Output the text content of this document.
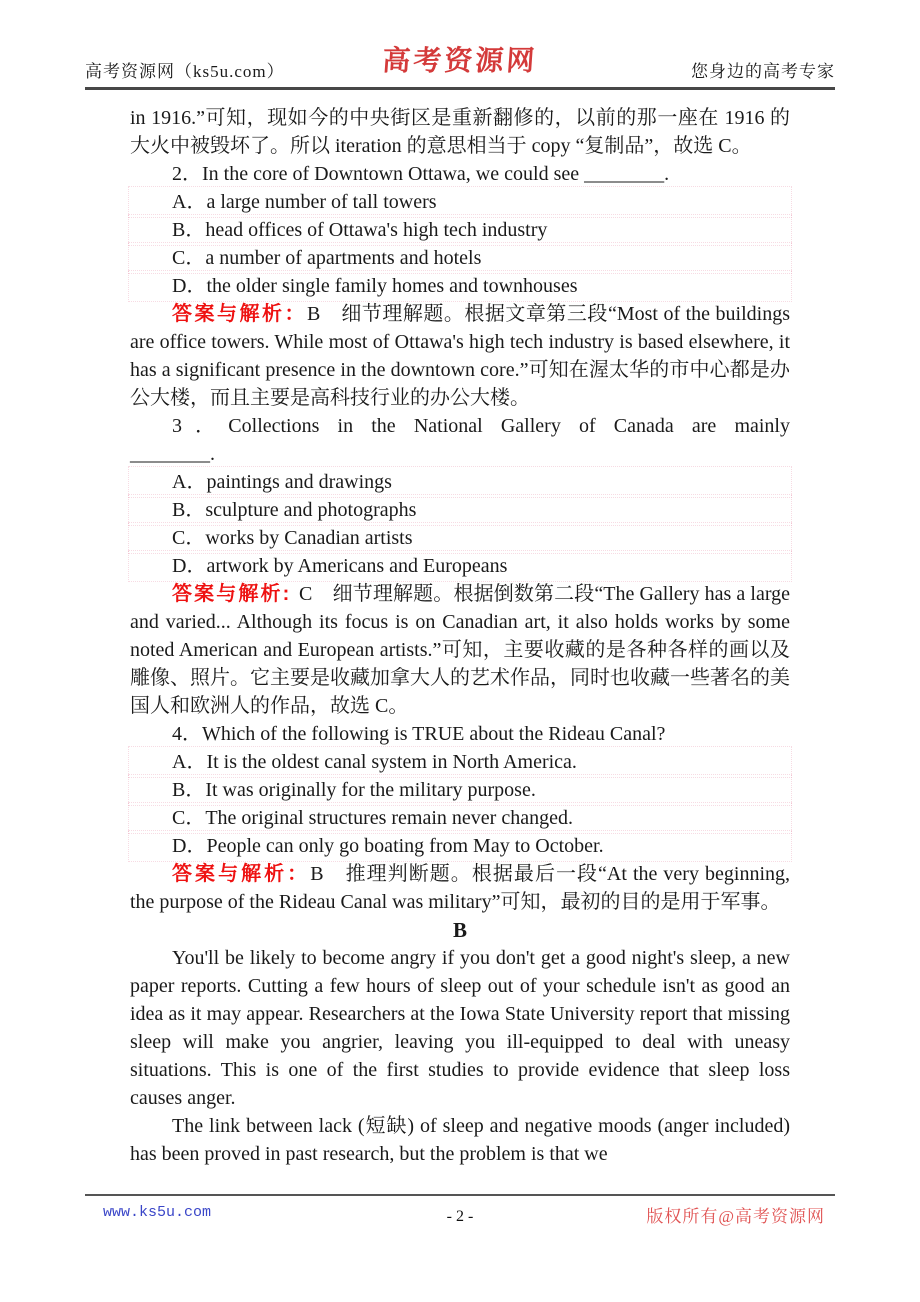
高考资源网（ks5u.com）	高考资源网	您身边的高考专家

in 1916.”可知，现如今的中央街区是重新翻修的，以前的那一座在 1916 的大火中被毁坏了。所以 iteration 的意思相当于 copy “复制品”，故选 C。

2．In the core of Downtown Ottawa, we could see ________.

A．a large number of tall towers

B．head offices of Ottawa's high tech industry

C．a number of apartments and hotels

D．the older single family homes and townhouses

答案与解析：B　细节理解题。根据文章第三段“Most of the buildings are office towers. While most of Ottawa's high tech industry is based elsewhere, it has a significant presence in the downtown core.”可知在渥太华的市中心都是办公大楼，而且主要是高科技行业的办公大楼。

3．Collections in the National Gallery of Canada are mainly

________.

A．paintings and drawings

B．sculpture and photographs

C．works by Canadian artists

D．artwork by Americans and Europeans

答案与解析: C　细节理解题。根据倒数第二段“The Gallery has a large and varied... Although its focus is on Canadian art, it also holds works by some noted American and European artists.”可知，主要收藏的是各种各样的画以及雕像、照片。它主要是收藏加拿大人的艺术作品，同时也收藏一些著名的美国人和欧洲人的作品，故选 C。

4．Which of the following is TRUE about the Rideau Canal?

A．It is the oldest canal system in North America.

B．It was originally for the military purpose.

C．The original structures remain never changed.

D．People can only go boating from May to October.

答案与解析：B　推理判断题。根据最后一段“At the very beginning, the purpose of the Rideau Canal was military”可知，最初的目的是用于军事。

B

You'll be likely to become angry if you don't get a good night's sleep, a new paper reports. Cutting a few hours of sleep out of your schedule isn't as good an idea as it may appear. Researchers at the Iowa State University report that missing sleep will make you angrier, leaving you ill-equipped to deal with uneasy situations. This is one of the first studies to provide evidence that sleep loss causes anger.

The link between lack (短缺) of sleep and negative moods (anger included) has been proved in past research, but the problem is that we

www.ks5u.com	- 2 -	版权所有@高考资源网
